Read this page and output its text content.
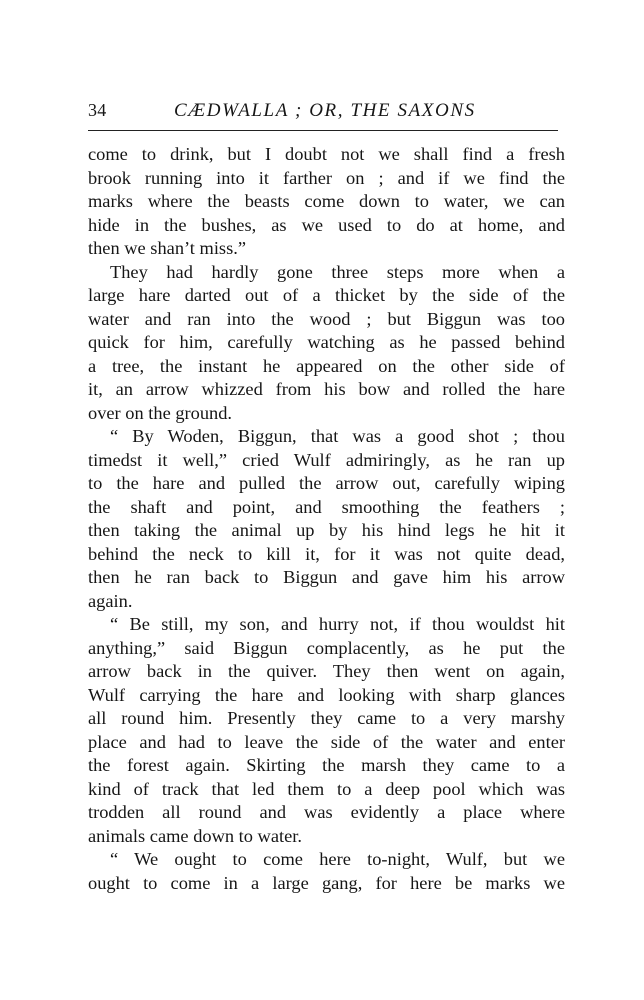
34	CÆDWALLA ; OR, THE SAXONS
come to drink, but I doubt not we shall find a fresh
brook running into it farther on ; and if we find the
marks where the beasts come down to water, we can
hide in the bushes, as we used to do at home, and
then we shan’t miss.”
They had hardly gone three steps more when a
large hare darted out of a thicket by the side of the
water and ran into the wood ; but Biggun was too
quick for him, carefully watching as he passed behind
a tree, the instant he appeared on the other side of
it, an arrow whizzed from his bow and rolled the hare
over on the ground.
“ By Woden, Biggun, that was a good shot ; thou
timedst it well,” cried Wulf admiringly, as he ran up
to the hare and pulled the arrow out, carefully wiping
the shaft and point, and smoothing the feathers ;
then taking the animal up by his hind legs he hit it
behind the neck to kill it, for it was not quite dead,
then he ran back to Biggun and gave him his arrow
again.
“ Be still, my son, and hurry not, if thou wouldst hit
anything,” said Biggun complacently, as he put the
arrow back in the quiver. They then went on again,
Wulf carrying the hare and looking with sharp glances
all round him. Presently they came to a very marshy
place and had to leave the side of the water and enter
the forest again. Skirting the marsh they came to a
kind of track that led them to a deep pool which was
trodden all round and was evidently a place where
animals came down to water.
“ We ought to come here to-night, Wulf, but we
ought to come in a large gang, for here be marks we
